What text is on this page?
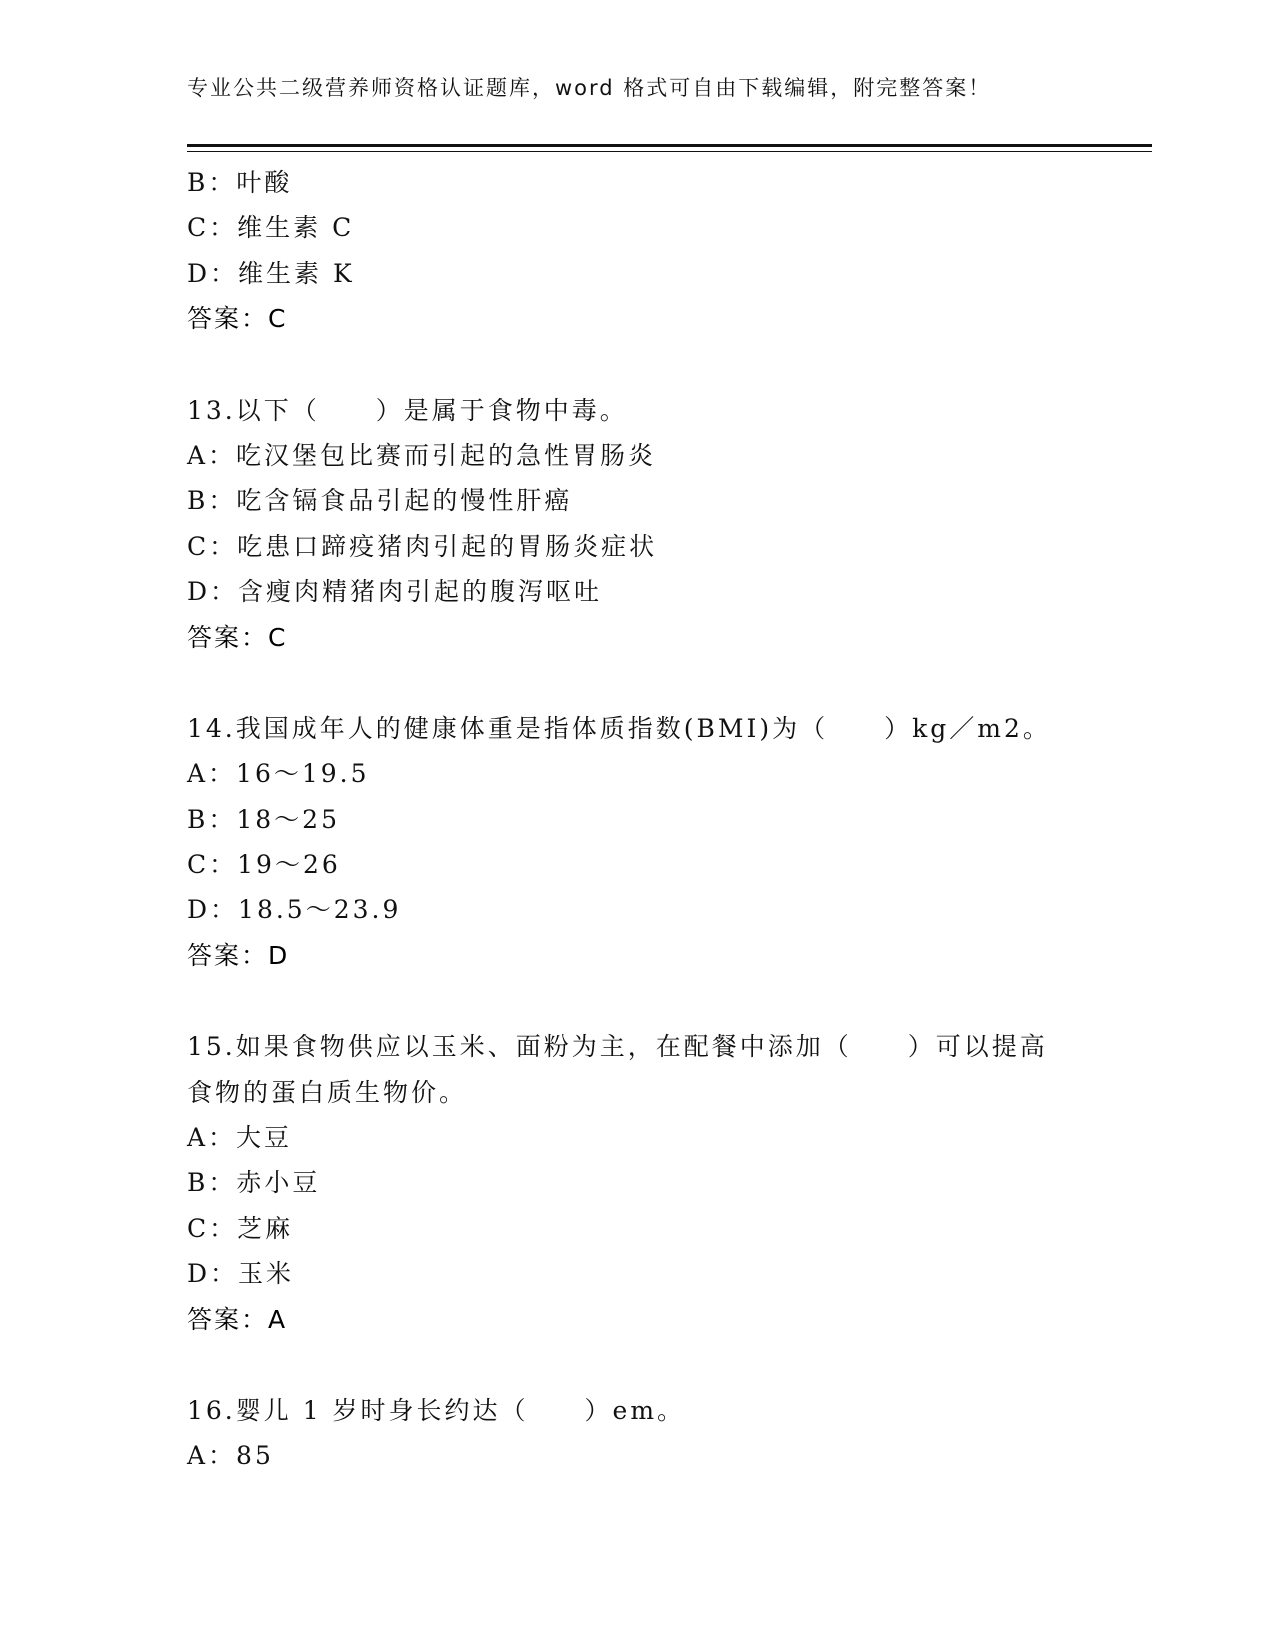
专业公共二级营养师资格认证题库，word 格式可自由下载编辑，附完整答案！
B：叶酸
C：维生素 C
D：维生素 K
答案：C
13.以下（　　）是属于食物中毒。
A：吃汉堡包比赛而引起的急性胃肠炎
B：吃含镉食品引起的慢性肝癌
C：吃患口蹄疫猪肉引起的胃肠炎症状
D：含瘦肉精猪肉引起的腹泻呕吐
答案：C
14.我国成年人的健康体重是指体质指数(BMI)为（　　）kg／m2。
A：16～19.5
B：18～25
C：19～26
D：18.5～23.9
答案：D
15.如果食物供应以玉米、面粉为主，在配餐中添加（　　）可以提高
食物的蛋白质生物价。
A：大豆
B：赤小豆
C：芝麻
D：玉米
答案：A
16.婴儿 1 岁时身长约达（　　）em。
A：85
